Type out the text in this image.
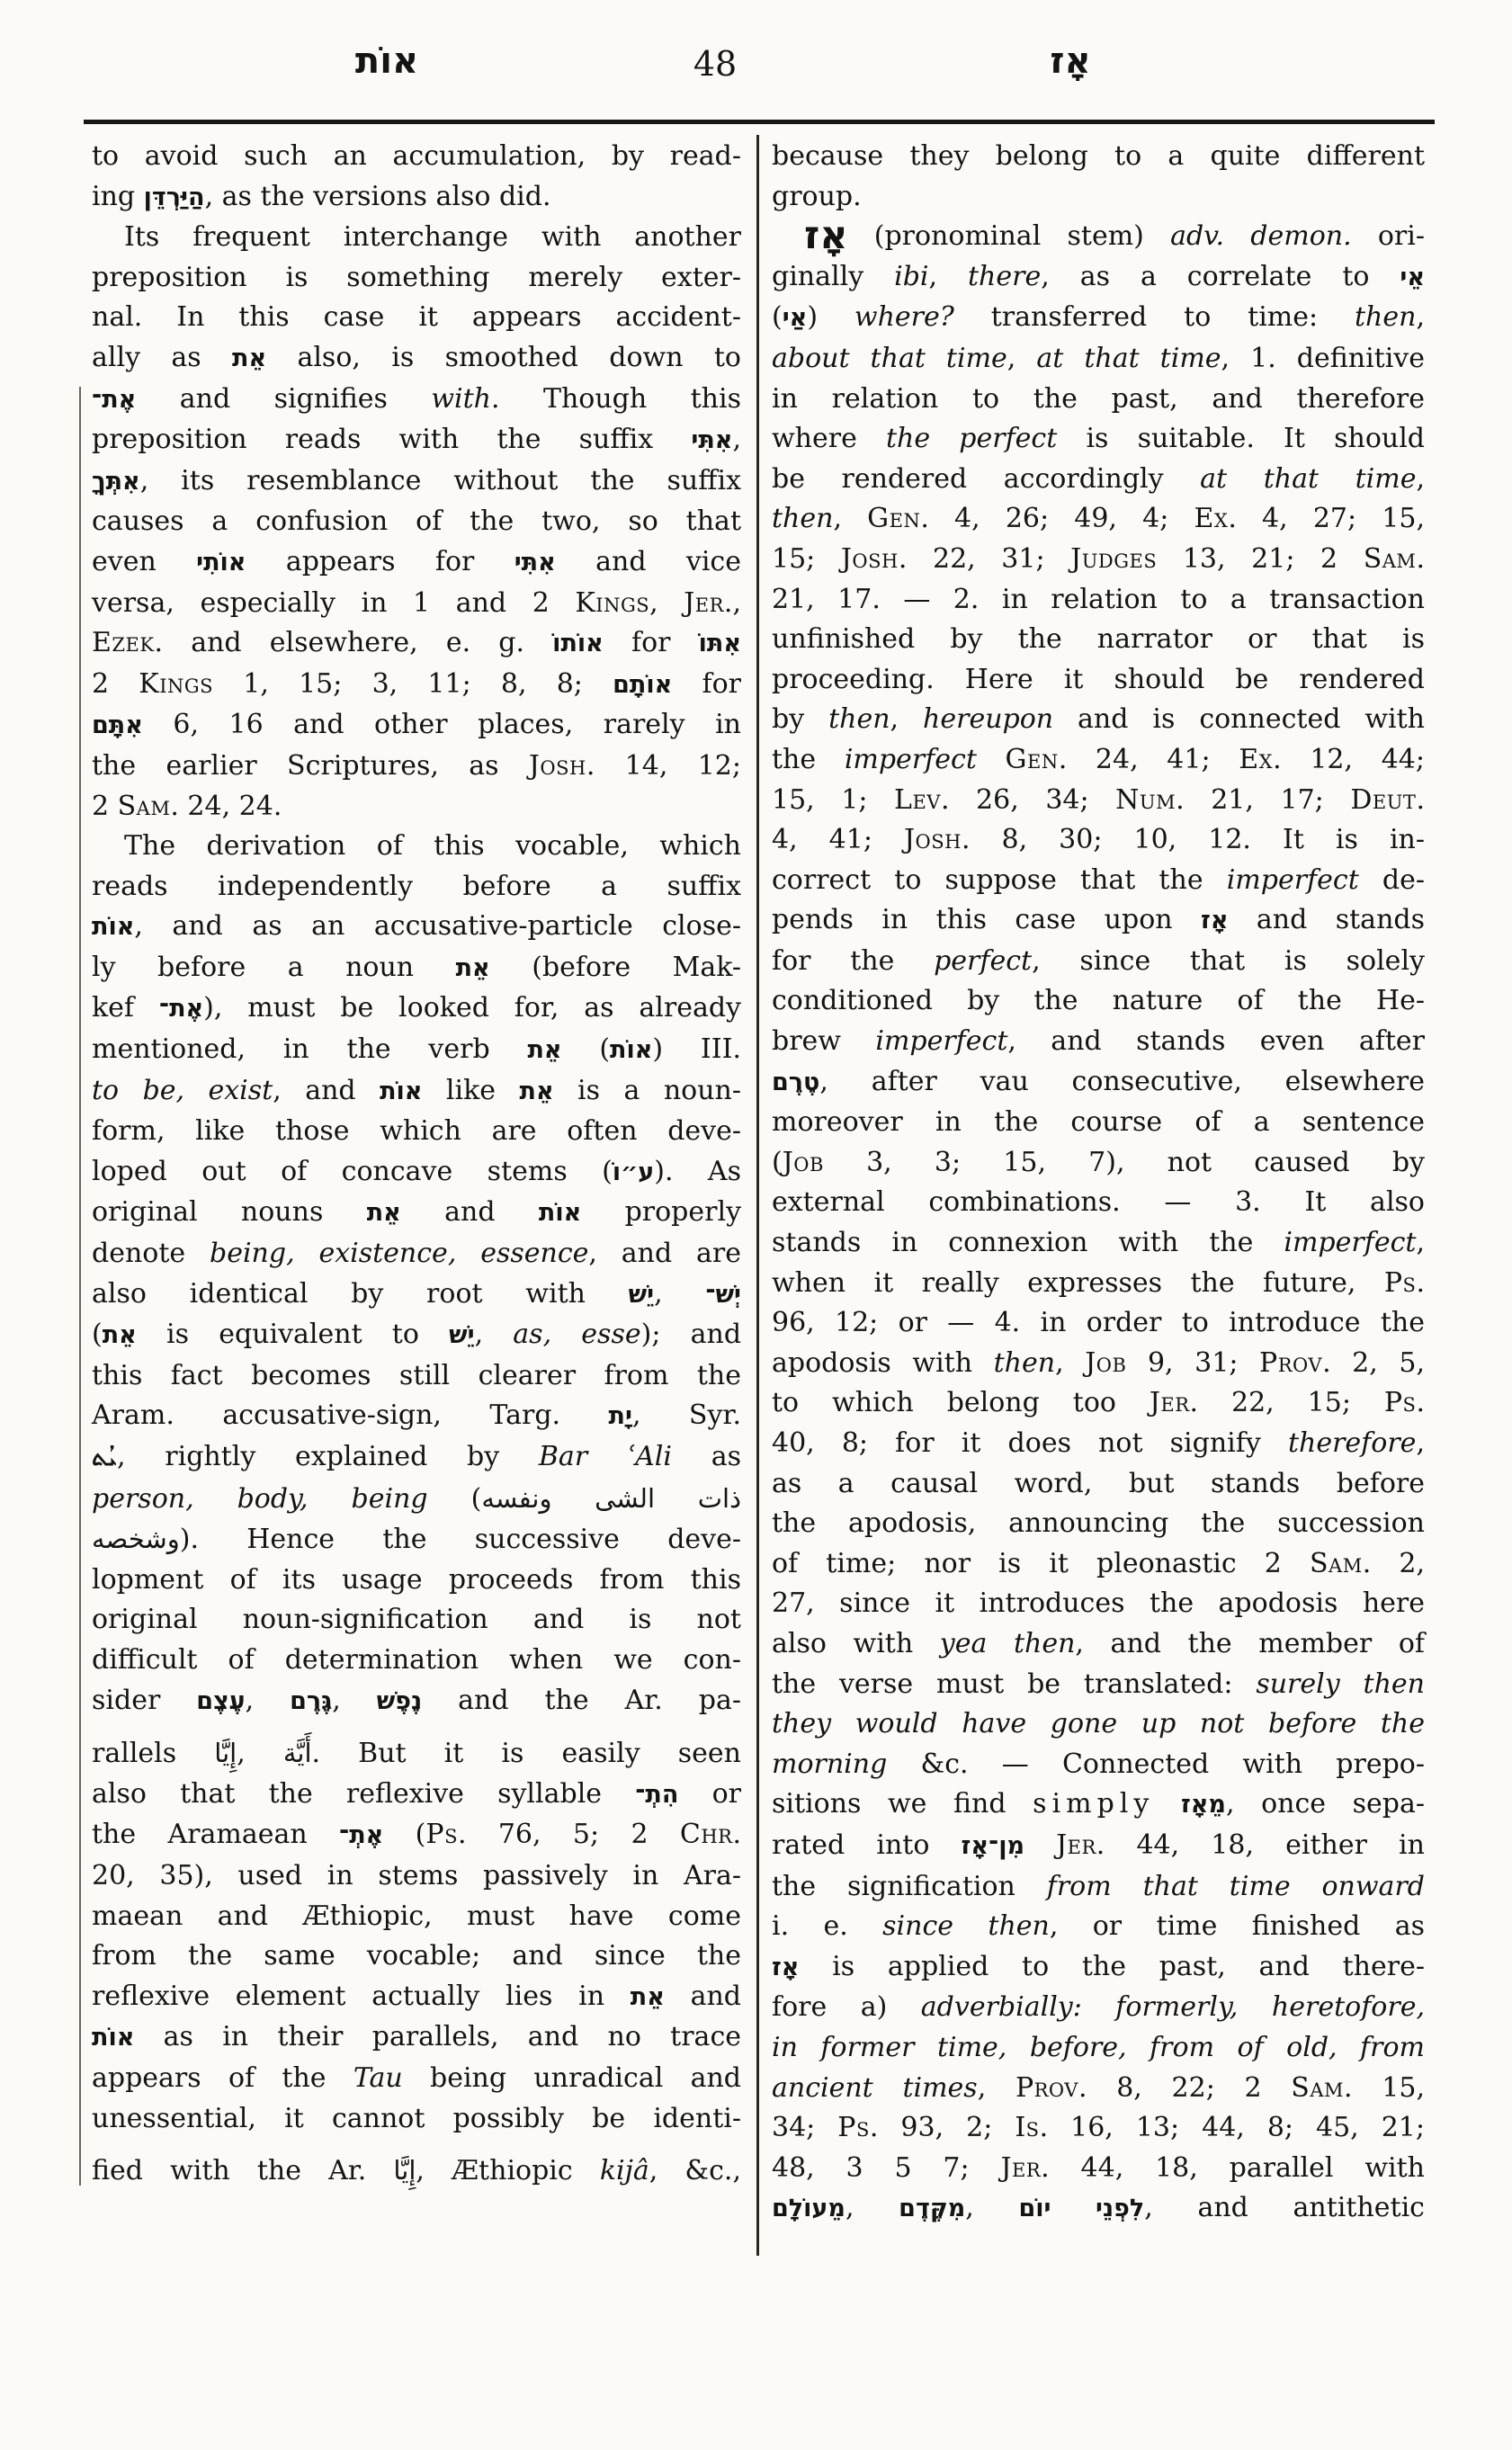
אוֹת	48	אָז
to avoid such an accumulation, by read-
ing הַיַּרְדֵּן, as the versions also did.
Its frequent interchange with another
preposition is something merely exter-
nal. In this case it appears accident-
ally as אֵת also, is smoothed down to
אֶת־ and signifies with. Though this
preposition reads with the suffix אִתִּי,
אִתְּךָ, its resemblance without the suffix
causes a confusion of the two, so that
even אוֹתִי appears for אִתִּי and vice
versa, especially in 1 and 2 Kings, Jer.,
Ezek. and elsewhere, e. g. אוֹתוֹ for אִתּוֹ
2 Kings 1, 15; 3, 11; 8, 8; אוֹתָם for
אִתָּם 6, 16 and other places, rarely in
the earlier Scriptures, as Josh. 14, 12;
2 Sam. 24, 24.
The derivation of this vocable, which
reads independently before a suffix
אוֹת, and as an accusative-particle close-
ly before a noun אֵת (before Mak-
kef אֶת־), must be looked for, as already
mentioned, in the verb אֵת (אוֹת) III.
to be, exist, and אוֹת like אֵת is a noun-
form, like those which are often deve-
loped out of concave stems (ע״וֹ). As
original nouns אֵת and אוֹת properly
denote being, existence, essence, and are
also identical by root with יֵשׁ, יְשׁ־
(אֵת is equivalent to יֵשׁ, as, esse); and
this fact becomes still clearer from the
Aram. accusative-sign, Targ. יָת, Syr.
ܝܳܬ, rightly explained by Bar ʿAli as
person, body, being (ذات الشى ونفسه
وشخصه). Hence the successive deve-
lopment of its usage proceeds from this
original noun-signification and is not
difficult of determination when we con-
sider עֶצֶם, גֶּרֶם, נֶפֶשׁ and the Ar. pa-
rallels إِيَّا, أَيَّة. But it is easily seen
also that the reflexive syllable הִתְ־ or
the Aramaean אֶתְ־ (Ps. 76, 5; 2 Chr.
20, 35), used in stems passively in Ara-
maean and Æthiopic, must have come
from the same vocable; and since the
reflexive element actually lies in אֵת and
אוֹת as in their parallels, and no trace
appears of the Tau being unradical and
unessential, it cannot possibly be identi-
fied with the Ar. إِيَّا, Æthiopic kijâ, &c.,
because they belong to a quite different
group.
אָז (pronominal stem) adv. demon. ori-
ginally ibi, there, as a correlate to אֵי
(אַי) where? transferred to time: then,
about that time, at that time, 1. definitive
in relation to the past, and therefore
where the perfect is suitable. It should
be rendered accordingly at that time,
then, Gen. 4, 26; 49, 4; Ex. 4, 27; 15,
15; Josh. 22, 31; Judges 13, 21; 2 Sam.
21, 17. — 2. in relation to a transaction
unfinished by the narrator or that is
proceeding. Here it should be rendered
by then, hereupon and is connected with
the imperfect Gen. 24, 41; Ex. 12, 44;
15, 1; Lev. 26, 34; Num. 21, 17; Deut.
4, 41; Josh. 8, 30; 10, 12. It is in-
correct to suppose that the imperfect de-
pends in this case upon אָז and stands
for the perfect, since that is solely
conditioned by the nature of the He-
brew imperfect, and stands even after
טֶרֶם, after vau consecutive, elsewhere
moreover in the course of a sentence
(Job 3, 3; 15, 7), not caused by
external combinations. — 3. It also
stands in connexion with the imperfect,
when it really expresses the future, Ps.
96, 12; or — 4. in order to introduce the
apodosis with then, Job 9, 31; Prov. 2, 5,
to which belong too Jer. 22, 15; Ps.
40, 8; for it does not signify therefore,
as a causal word, but stands before
the apodosis, announcing the succession
of time; nor is it pleonastic 2 Sam. 2,
27, since it introduces the apodosis here
also with yea then, and the member of
the verse must be translated: surely then
they would have gone up not before the
morning &c. — Connected with prepo-
sitions we find simply מֵאָז, once sepa-
rated into מִן־אָז Jer. 44, 18, either in
the signification from that time onward
i. e. since then, or time finished as
אָז is applied to the past, and there-
fore a) adverbially: formerly, heretofore,
in former time, before, from of old, from
ancient times, Prov. 8, 22; 2 Sam. 15,
34; Ps. 93, 2; Is. 16, 13; 44, 8; 45, 21;
48, 3 5 7; Jer. 44, 18, parallel with
מֵעוֹלָם, מִקֶּדֶם, לִפְנֵי יוֹם, and antithetic
